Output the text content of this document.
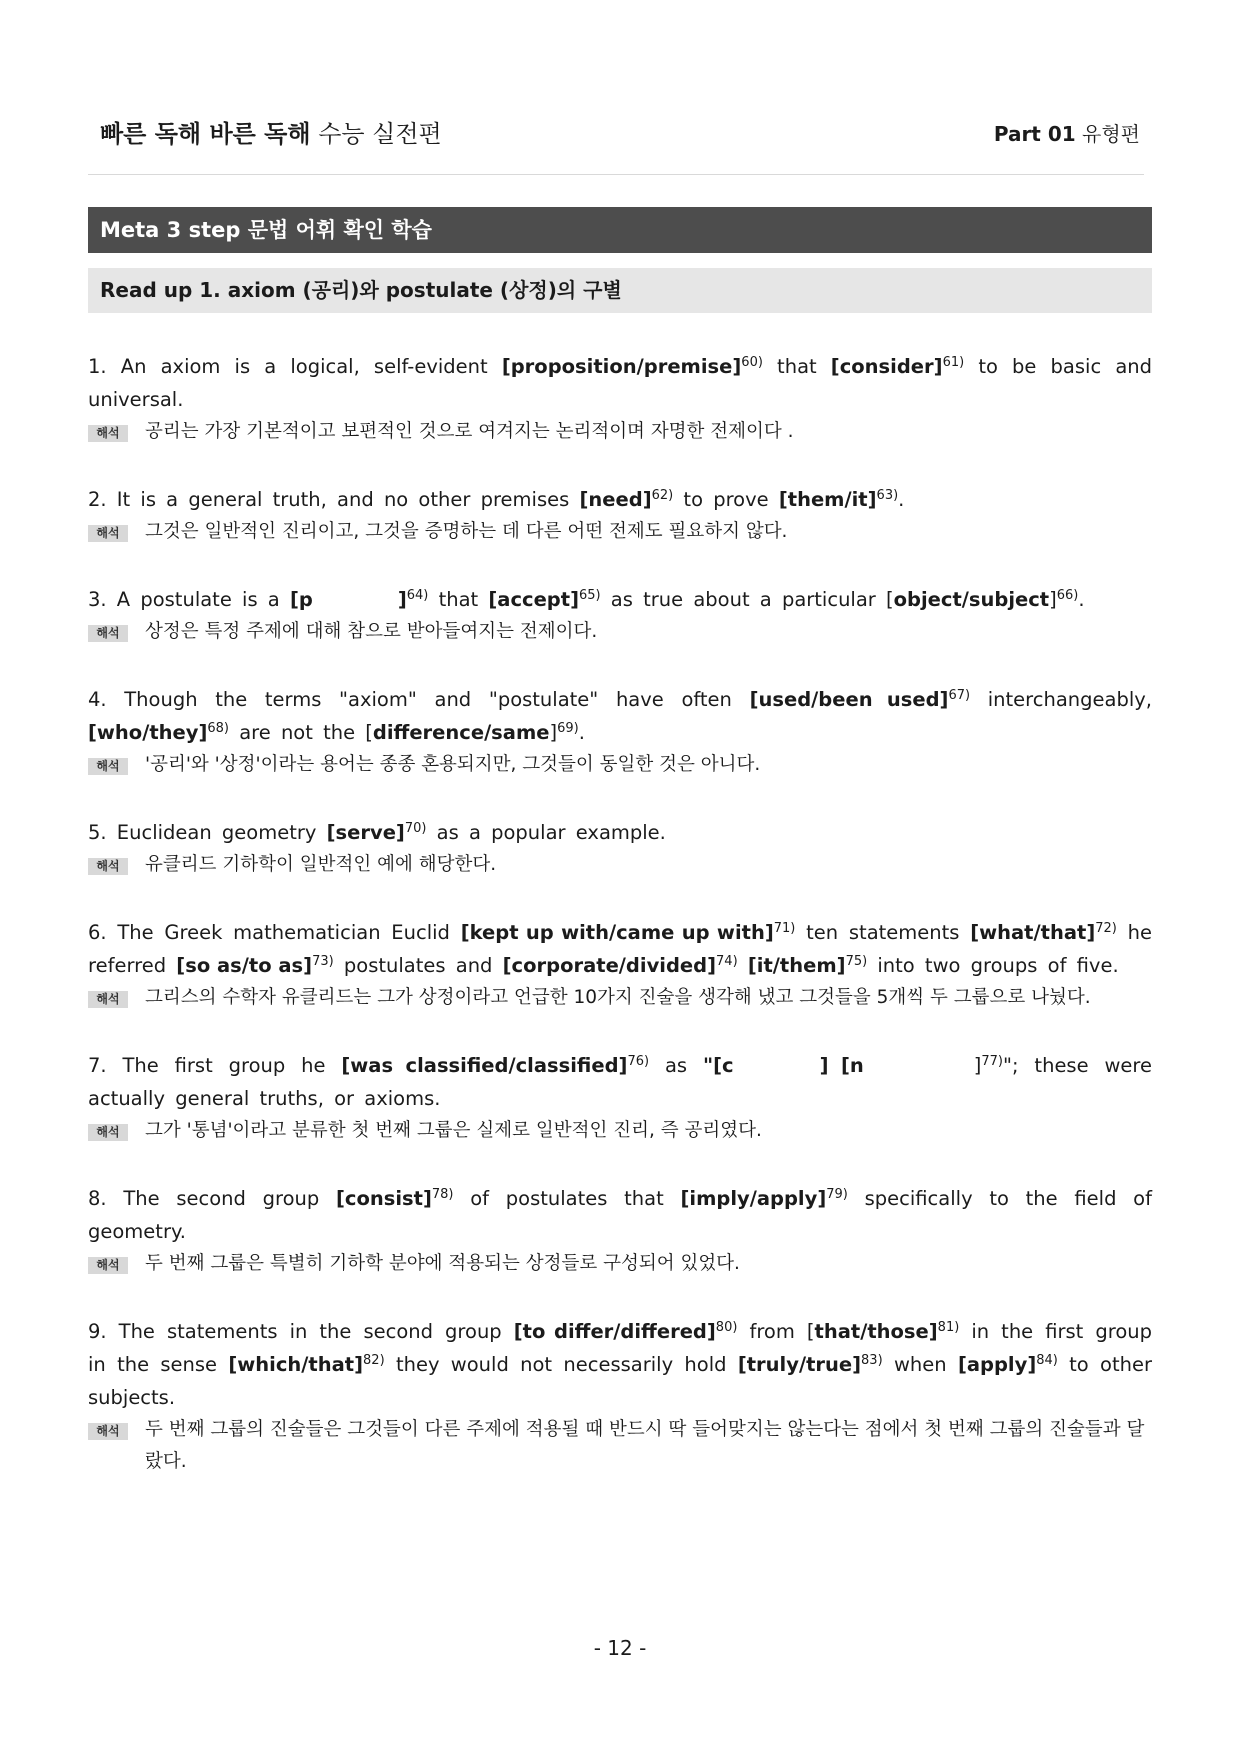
빠른 독해 바른 독해 수능 실전편	Part 01 유형편
Meta 3 step 문법 어휘 확인 학습
Read up 1. axiom (공리)와 postulate (상정)의 구별
1. An axiom is a logical, self-evident [proposition/premise]$^{60)}$ that [consider]$^{61)}$ to be basic and universal.
해석	공리는 가장 기본적이고 보편적인 것으로 여겨지는 논리적이며 자명한 전제이다 .
2. It is a general truth, and no other premises [need]$^{62)}$ to prove [them/it]$^{63)}$.
해석	그것은 일반적인 진리이고, 그것을 증명하는 데 다른 어떤 전제도 필요하지 않다.
3. A postulate is a [p	]$^{64)}$ that [accept]$^{65)}$ as true about a particular [object/subject]$^{66)}$.
해석	상정은 특정 주제에 대해 참으로 받아들여지는 전제이다.
4. Though the terms "axiom" and "postulate" have often [used/been used]$^{67)}$ interchangeably, [who/they]$^{68)}$ are not the [difference/same]$^{69)}$.
해석	'공리'와 '상정'이라는 용어는 종종 혼용되지만, 그것들이 동일한 것은 아니다.
5. Euclidean geometry [serve]$^{70)}$ as a popular example.
해석	유클리드 기하학이 일반적인 예에 해당한다.
6. The Greek mathematician Euclid [kept up with/came up with]$^{71)}$ ten statements [what/that]$^{72)}$ he referred [so as/to as]$^{73)}$ postulates and [corporate/divided]$^{74)}$ [it/them]$^{75)}$ into two groups of five.
해석	그리스의 수학자 유클리드는 그가 상정이라고 언급한 10가지 진술을 생각해 냈고 그것들을 5개씩 두 그룹으로 나눴다.
7. The first group he [was classified/classified]$^{76)}$ as "[c	] [n	]$^{77)}$"; these were actually general truths, or axioms.
해석	그가 '통념'이라고 분류한 첫 번째 그룹은 실제로 일반적인 진리, 즉 공리였다.
8. The second group [consist]$^{78)}$ of postulates that [imply/apply]$^{79)}$ specifically to the field of geometry.
해석	두 번째 그룹은 특별히 기하학 분야에 적용되는 상정들로 구성되어 있었다.
9. The statements in the second group [to differ/differed]$^{80)}$ from [that/those]$^{81)}$ in the first group in the sense [which/that]$^{82)}$ they would not necessarily hold [truly/true]$^{83)}$ when [apply]$^{84)}$ to other subjects.
해석	두 번째 그룹의 진술들은 그것들이 다른 주제에 적용될 때 반드시 딱 들어맞지는 않는다는 점에서 첫 번째 그룹의 진술들과 달랐다.
- 12 -
